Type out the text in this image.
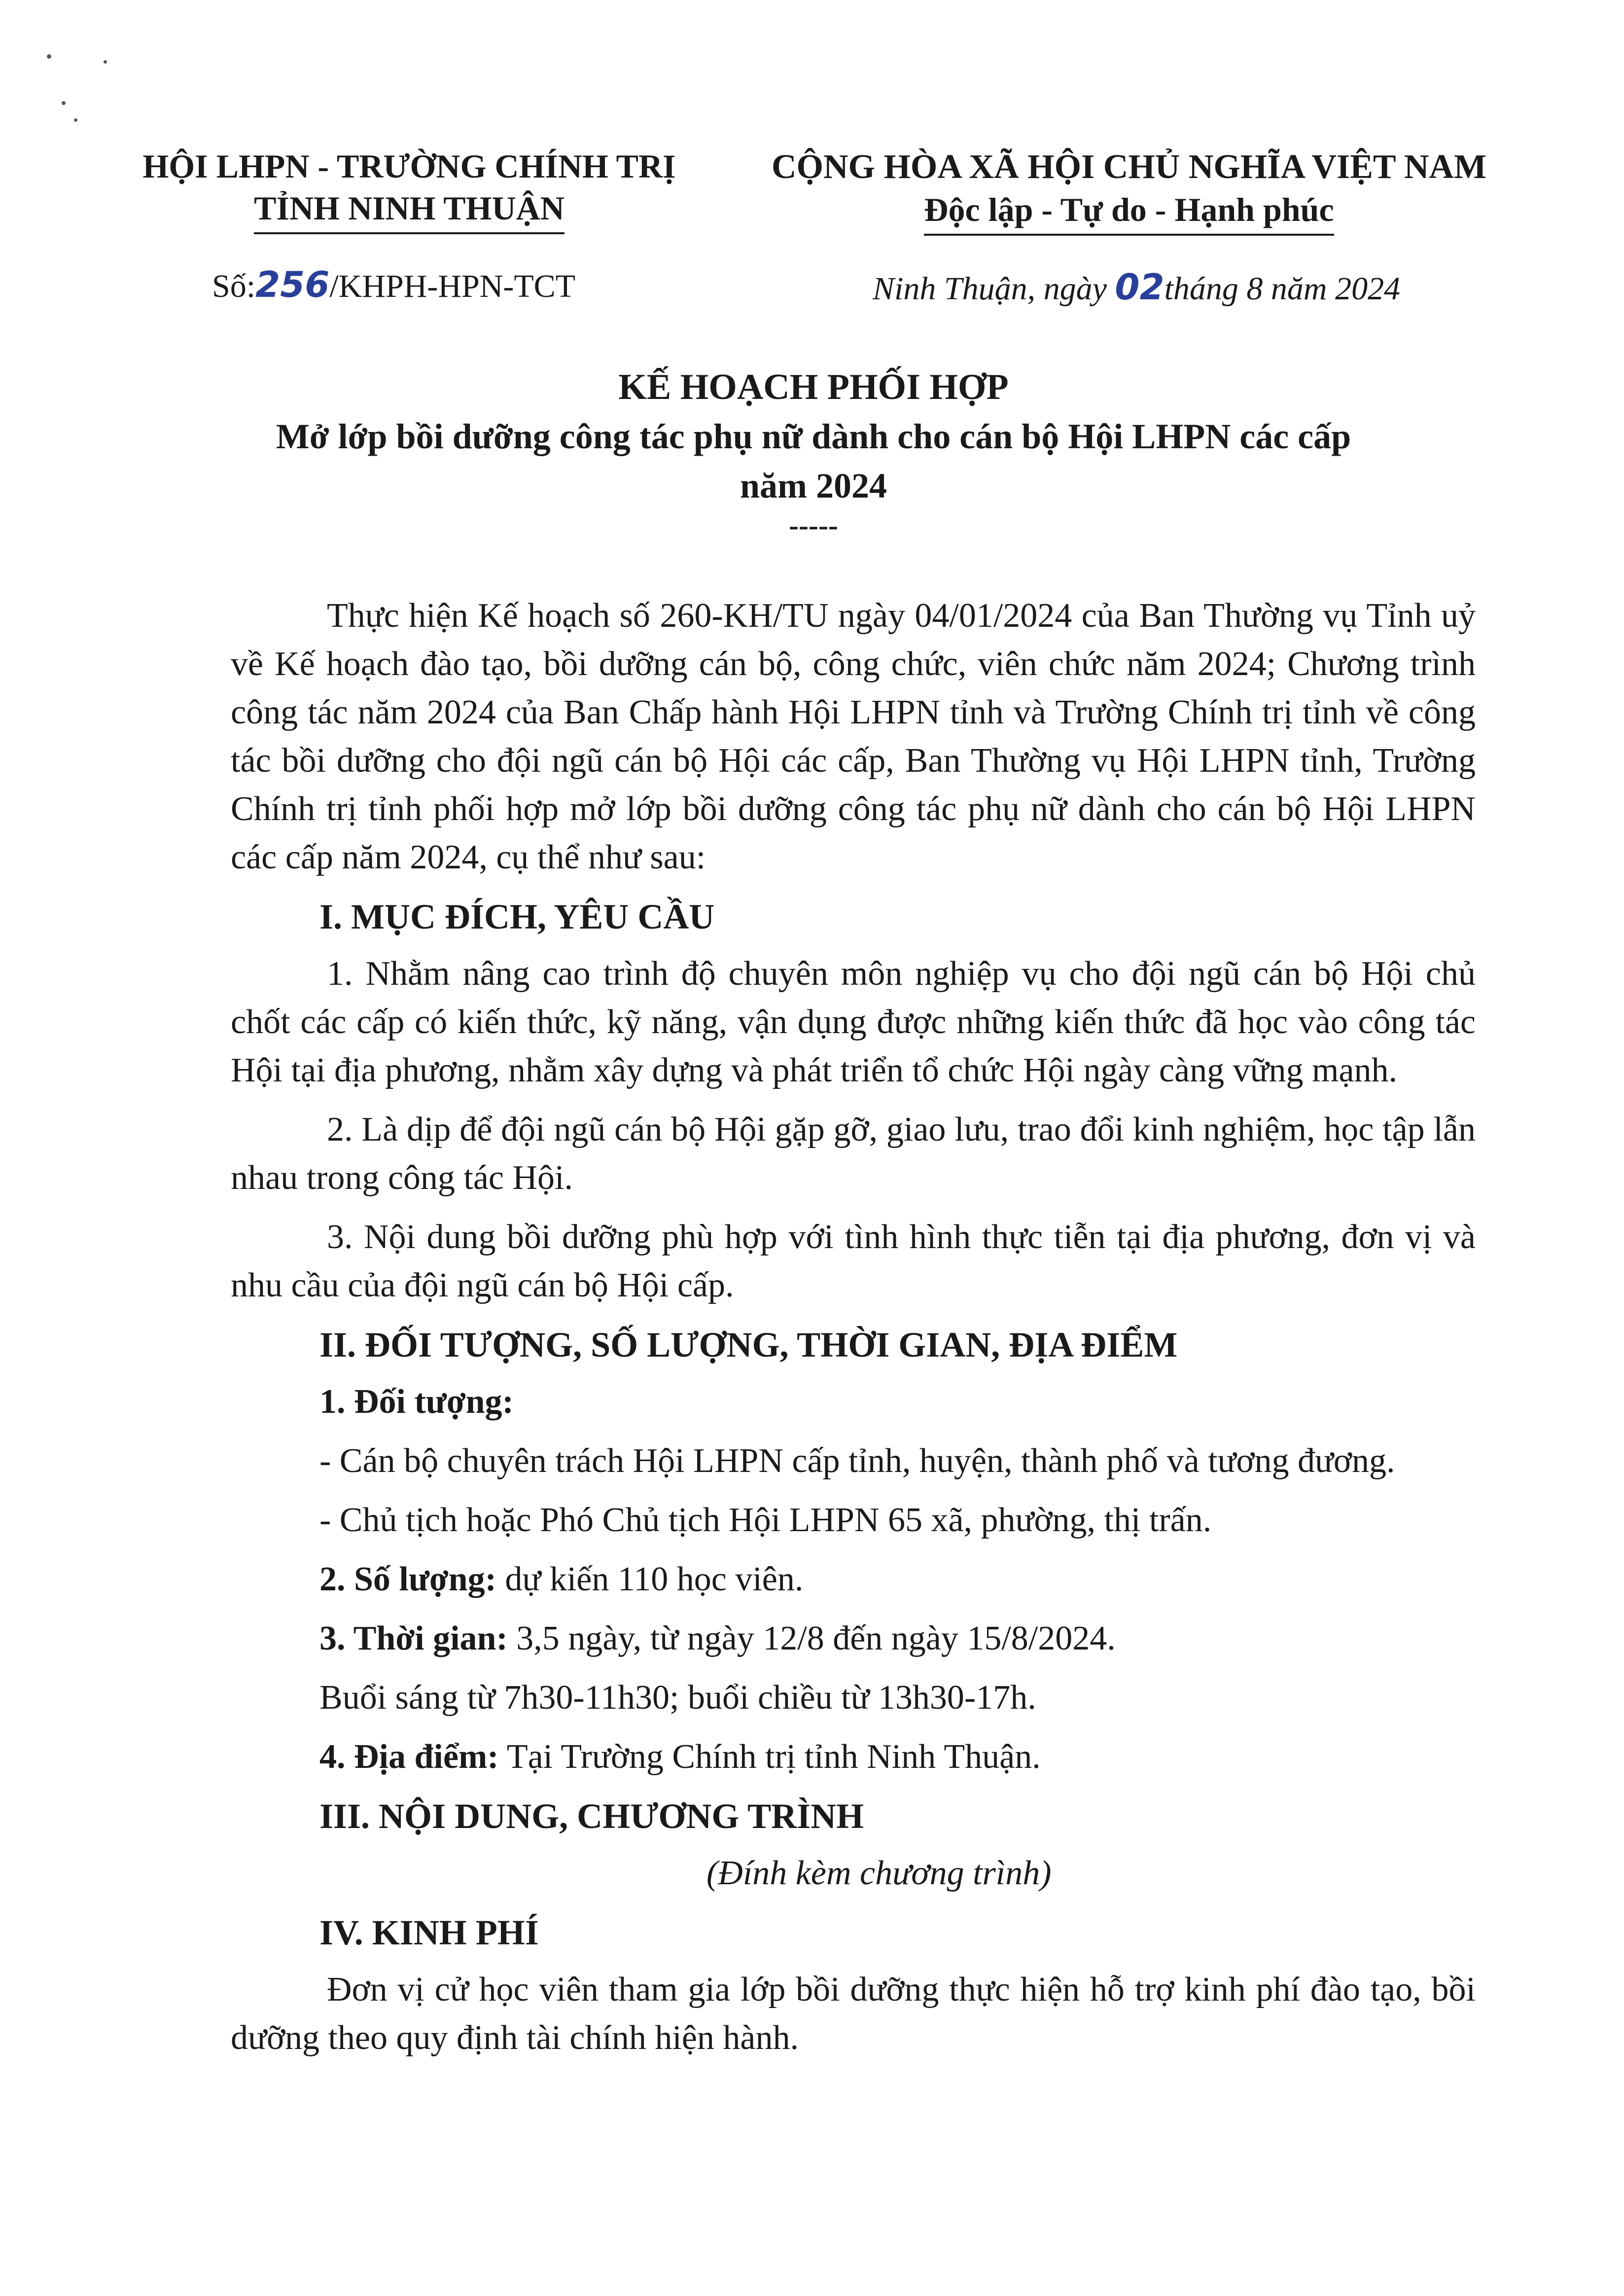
HỘI LHPN - TRƯỜNG CHÍNH TRỊ
TỈNH NINH THUẬN
CỘNG HÒA XÃ HỘI CHỦ NGHĨA VIỆT NAM
Độc lập - Tự do - Hạnh phúc
Số:256/KHPH-HPN-TCT	Ninh Thuận, ngày 02tháng 8 năm 2024
KẾ HOẠCH PHỐI HỢP
Mở lớp bồi dưỡng công tác phụ nữ dành cho cán bộ Hội LHPN các cấp
năm 2024
-----

Thực hiện Kế hoạch số 260-KH/TU ngày 04/01/2024 của Ban Thường vụ Tỉnh uỷ về Kế hoạch đào tạo, bồi dưỡng cán bộ, công chức, viên chức năm 2024; Chương trình công tác năm 2024 của Ban Chấp hành Hội LHPN tỉnh và Trường Chính trị tỉnh về công tác bồi dưỡng cho đội ngũ cán bộ Hội các cấp, Ban Thường vụ Hội LHPN tỉnh, Trường Chính trị tỉnh phối hợp mở lớp bồi dưỡng công tác phụ nữ dành cho cán bộ Hội LHPN các cấp năm 2024, cụ thể như sau:

I. MỤC ĐÍCH, YÊU CẦU

1. Nhằm nâng cao trình độ chuyên môn nghiệp vụ cho đội ngũ cán bộ Hội chủ chốt các cấp có kiến thức, kỹ năng, vận dụng được những kiến thức đã học vào công tác Hội tại địa phương, nhằm xây dựng và phát triển tổ chức Hội ngày càng vững mạnh.

2. Là dịp để đội ngũ cán bộ Hội gặp gỡ, giao lưu, trao đổi kinh nghiệm, học tập lẫn nhau trong công tác Hội.

3. Nội dung bồi dưỡng phù hợp với tình hình thực tiễn tại địa phương, đơn vị và nhu cầu của đội ngũ cán bộ Hội cấp.

II. ĐỐI TƯỢNG, SỐ LƯỢNG, THỜI GIAN, ĐỊA ĐIỂM
1. Đối tượng:
- Cán bộ chuyên trách Hội LHPN cấp tỉnh, huyện, thành phố và tương đương.
- Chủ tịch hoặc Phó Chủ tịch Hội LHPN 65 xã, phường, thị trấn.
2. Số lượng: dự kiến 110 học viên.
3. Thời gian: 3,5 ngày, từ ngày 12/8 đến ngày 15/8/2024.
Buổi sáng từ 7h30-11h30; buổi chiều từ 13h30-17h.
4. Địa điểm: Tại Trường Chính trị tỉnh Ninh Thuận.
III. NỘI DUNG, CHƯƠNG TRÌNH
(Đính kèm chương trình)
IV. KINH PHÍ

Đơn vị cử học viên tham gia lớp bồi dưỡng thực hiện hỗ trợ kinh phí đào tạo, bồi dưỡng theo quy định tài chính hiện hành.
